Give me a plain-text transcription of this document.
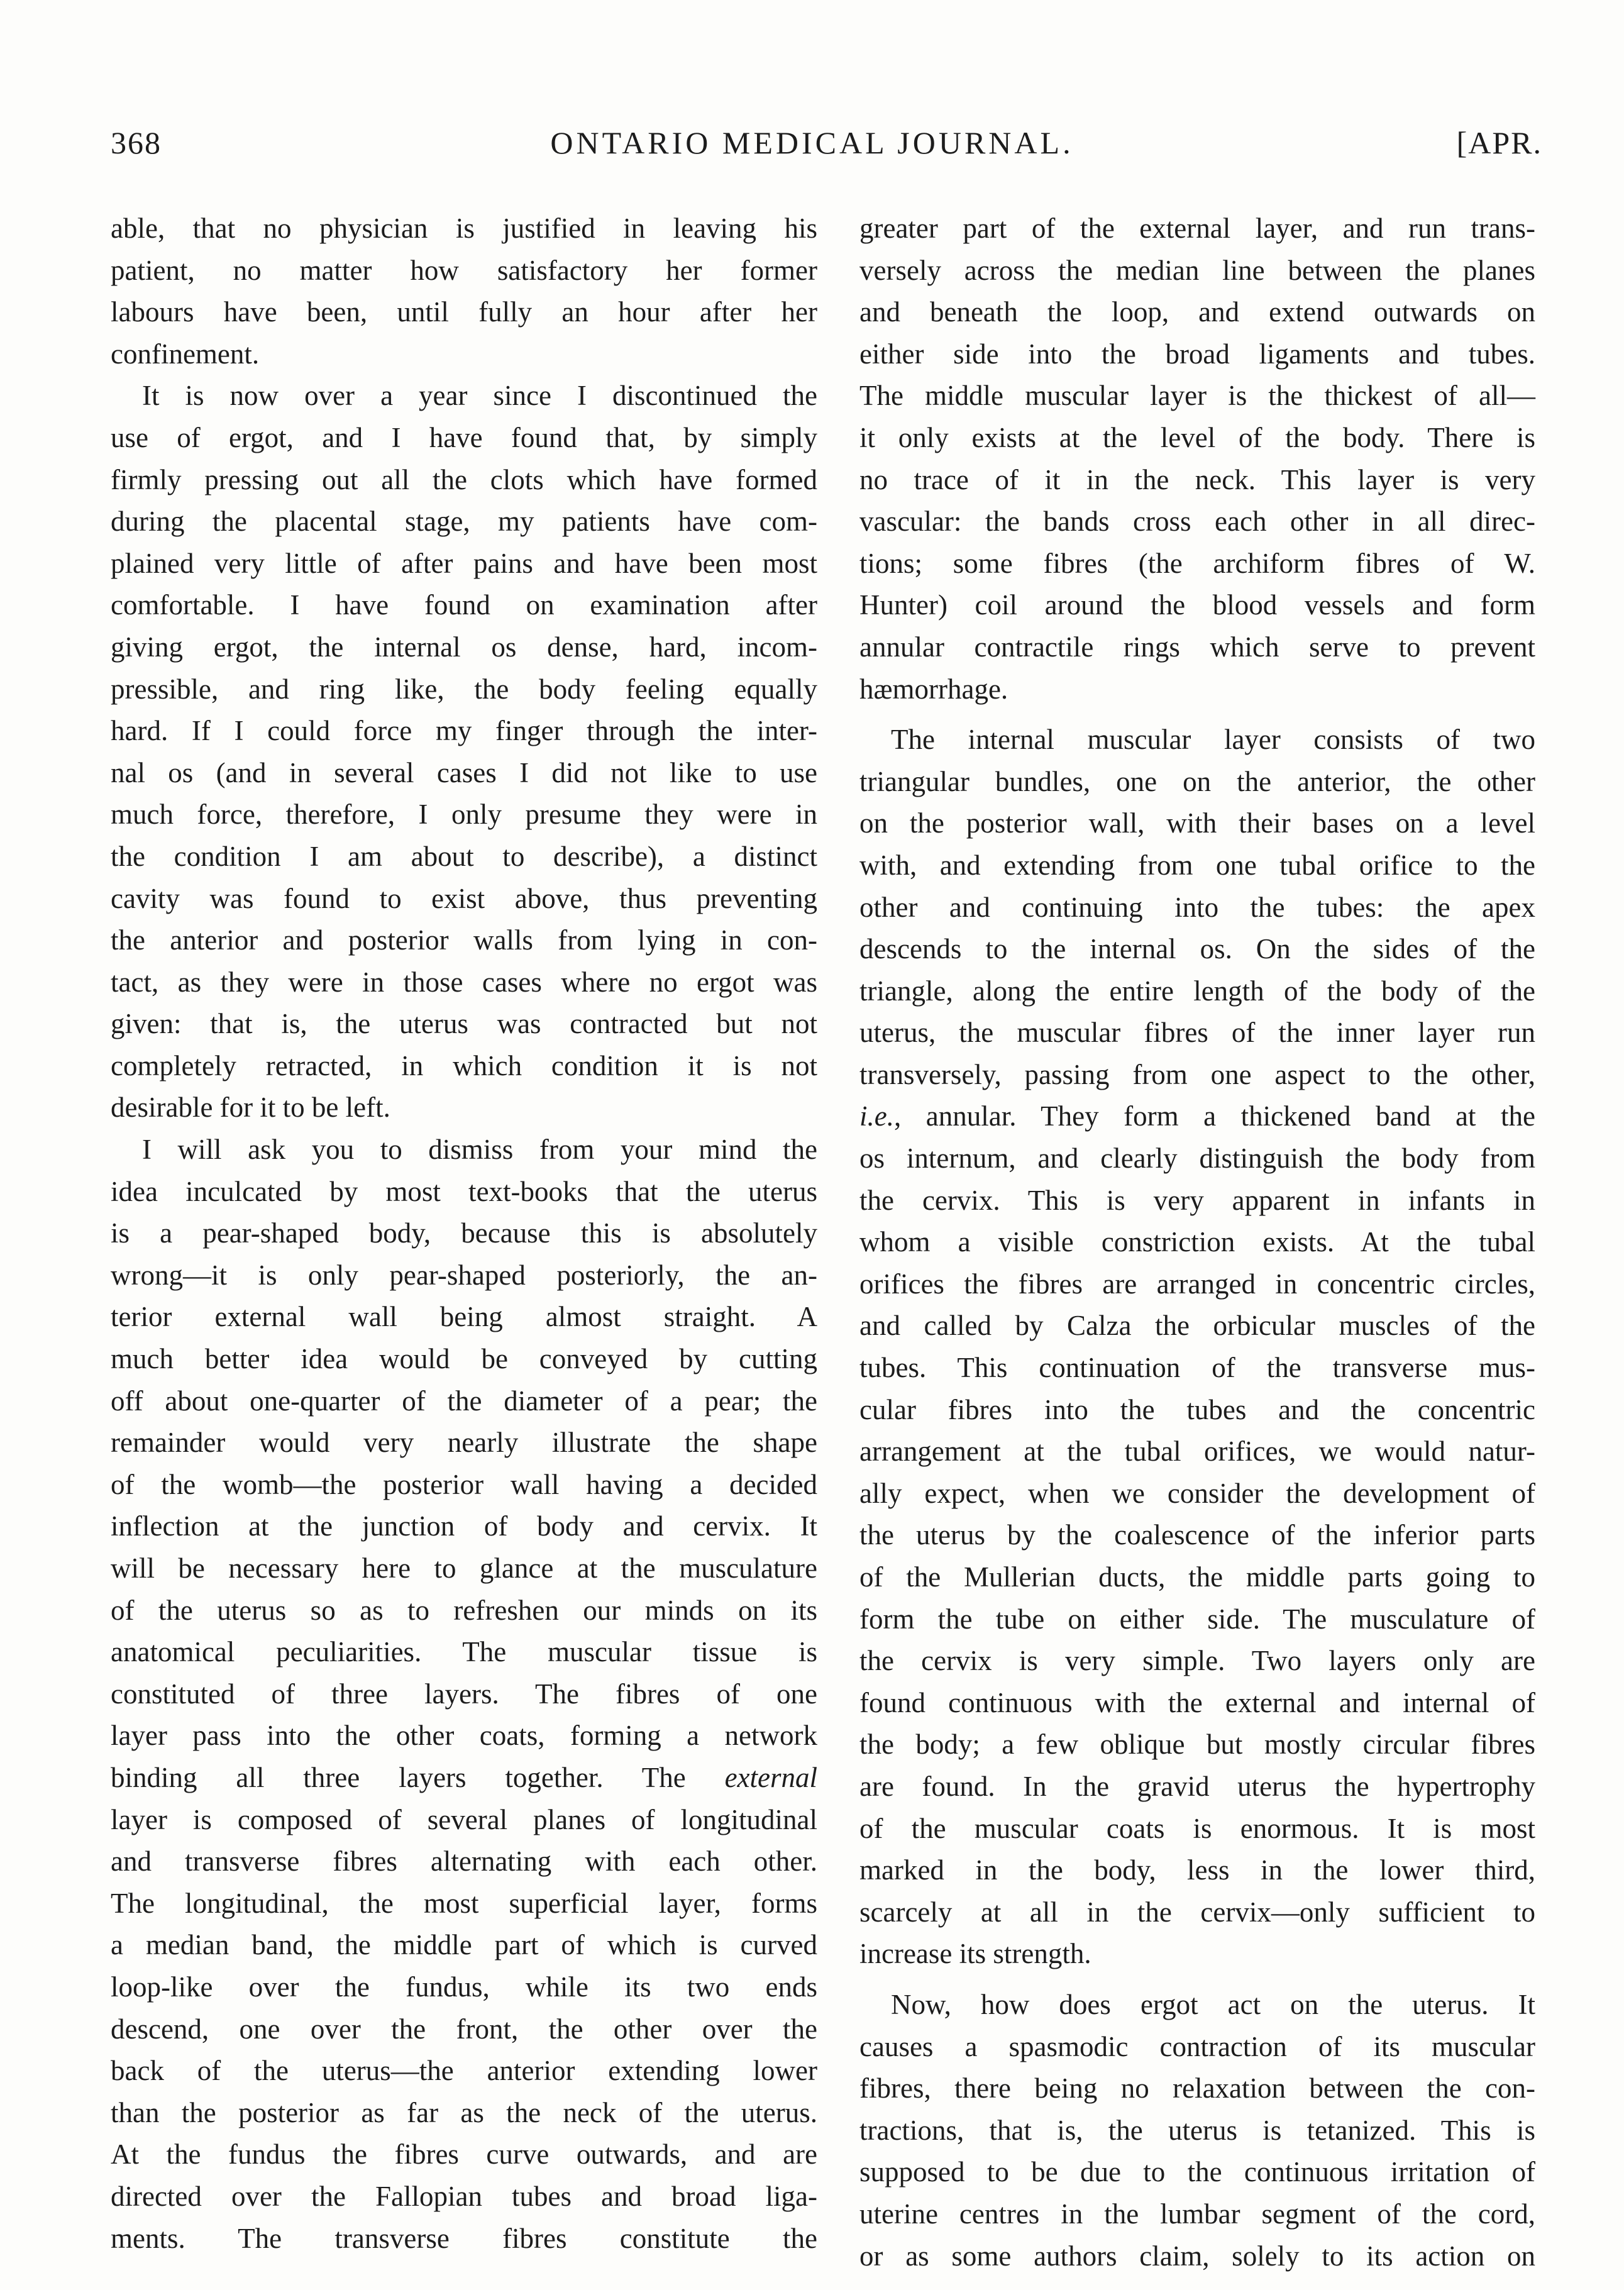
368	ONTARIO MEDICAL JOURNAL.	[APR.
able, that no physician is justified in leaving his
patient, no matter how satisfactory her former
labours have been, until fully an hour after her
confinement.
It is now over a year since I discontinued the
use of ergot, and I have found that, by simply
firmly pressing out all the clots which have formed
during the placental stage, my patients have com-
plained very little of after pains and have been most
comfortable. I have found on examination after
giving ergot, the internal os dense, hard, incom-
pressible, and ring like, the body feeling equally
hard. If I could force my finger through the inter-
nal os (and in several cases I did not like to use
much force, therefore, I only presume they were in
the condition I am about to describe), a distinct
cavity was found to exist above, thus preventing
the anterior and posterior walls from lying in con-
tact, as they were in those cases where no ergot was
given: that is, the uterus was contracted but not
completely retracted, in which condition it is not
desirable for it to be left.
I will ask you to dismiss from your mind the
idea inculcated by most text-books that the uterus
is a pear-shaped body, because this is absolutely
wrong—it is only pear-shaped posteriorly, the an-
terior external wall being almost straight. A
much better idea would be conveyed by cutting
off about one-quarter of the diameter of a pear; the
remainder would very nearly illustrate the shape
of the womb—the posterior wall having a decided
inflection at the junction of body and cervix. It
will be necessary here to glance at the musculature
of the uterus so as to refreshen our minds on its
anatomical peculiarities. The muscular tissue is
constituted of three layers. The fibres of one
layer pass into the other coats, forming a network
binding all three layers together. The external
layer is composed of several planes of longitudinal
and transverse fibres alternating with each other.
The longitudinal, the most superficial layer, forms
a median band, the middle part of which is curved
loop-like over the fundus, while its two ends
descend, one over the front, the other over the
back of the uterus—the anterior extending lower
than the posterior as far as the neck of the uterus.
At the fundus the fibres curve outwards, and are
directed over the Fallopian tubes and broad liga-
ments. The transverse fibres constitute the
greater part of the external layer, and run trans-
versely across the median line between the planes
and beneath the loop, and extend outwards on
either side into the broad ligaments and tubes.
The middle muscular layer is the thickest of all—
it only exists at the level of the body. There is
no trace of it in the neck. This layer is very
vascular: the bands cross each other in all direc-
tions; some fibres (the archiform fibres of W.
Hunter) coil around the blood vessels and form
annular contractile rings which serve to prevent
hæmorrhage.
The internal muscular layer consists of two
triangular bundles, one on the anterior, the other
on the posterior wall, with their bases on a level
with, and extending from one tubal orifice to the
other and continuing into the tubes: the apex
descends to the internal os. On the sides of the
triangle, along the entire length of the body of the
uterus, the muscular fibres of the inner layer run
transversely, passing from one aspect to the other,
i.e., annular. They form a thickened band at the
os internum, and clearly distinguish the body from
the cervix. This is very apparent in infants in
whom a visible constriction exists. At the tubal
orifices the fibres are arranged in concentric circles,
and called by Calza the orbicular muscles of the
tubes. This continuation of the transverse mus-
cular fibres into the tubes and the concentric
arrangement at the tubal orifices, we would natur-
ally expect, when we consider the development of
the uterus by the coalescence of the inferior parts
of the Mullerian ducts, the middle parts going to
form the tube on either side. The musculature of
the cervix is very simple. Two layers only are
found continuous with the external and internal of
the body; a few oblique but mostly circular fibres
are found. In the gravid uterus the hypertrophy
of the muscular coats is enormous. It is most
marked in the body, less in the lower third,
scarcely at all in the cervix—only sufficient to
increase its strength.
Now, how does ergot act on the uterus. It
causes a spasmodic contraction of its muscular
fibres, there being no relaxation between the con-
tractions, that is, the uterus is tetanized. This is
supposed to be due to the continuous irritation of
uterine centres in the lumbar segment of the cord,
or as some authors claim, solely to its action on
